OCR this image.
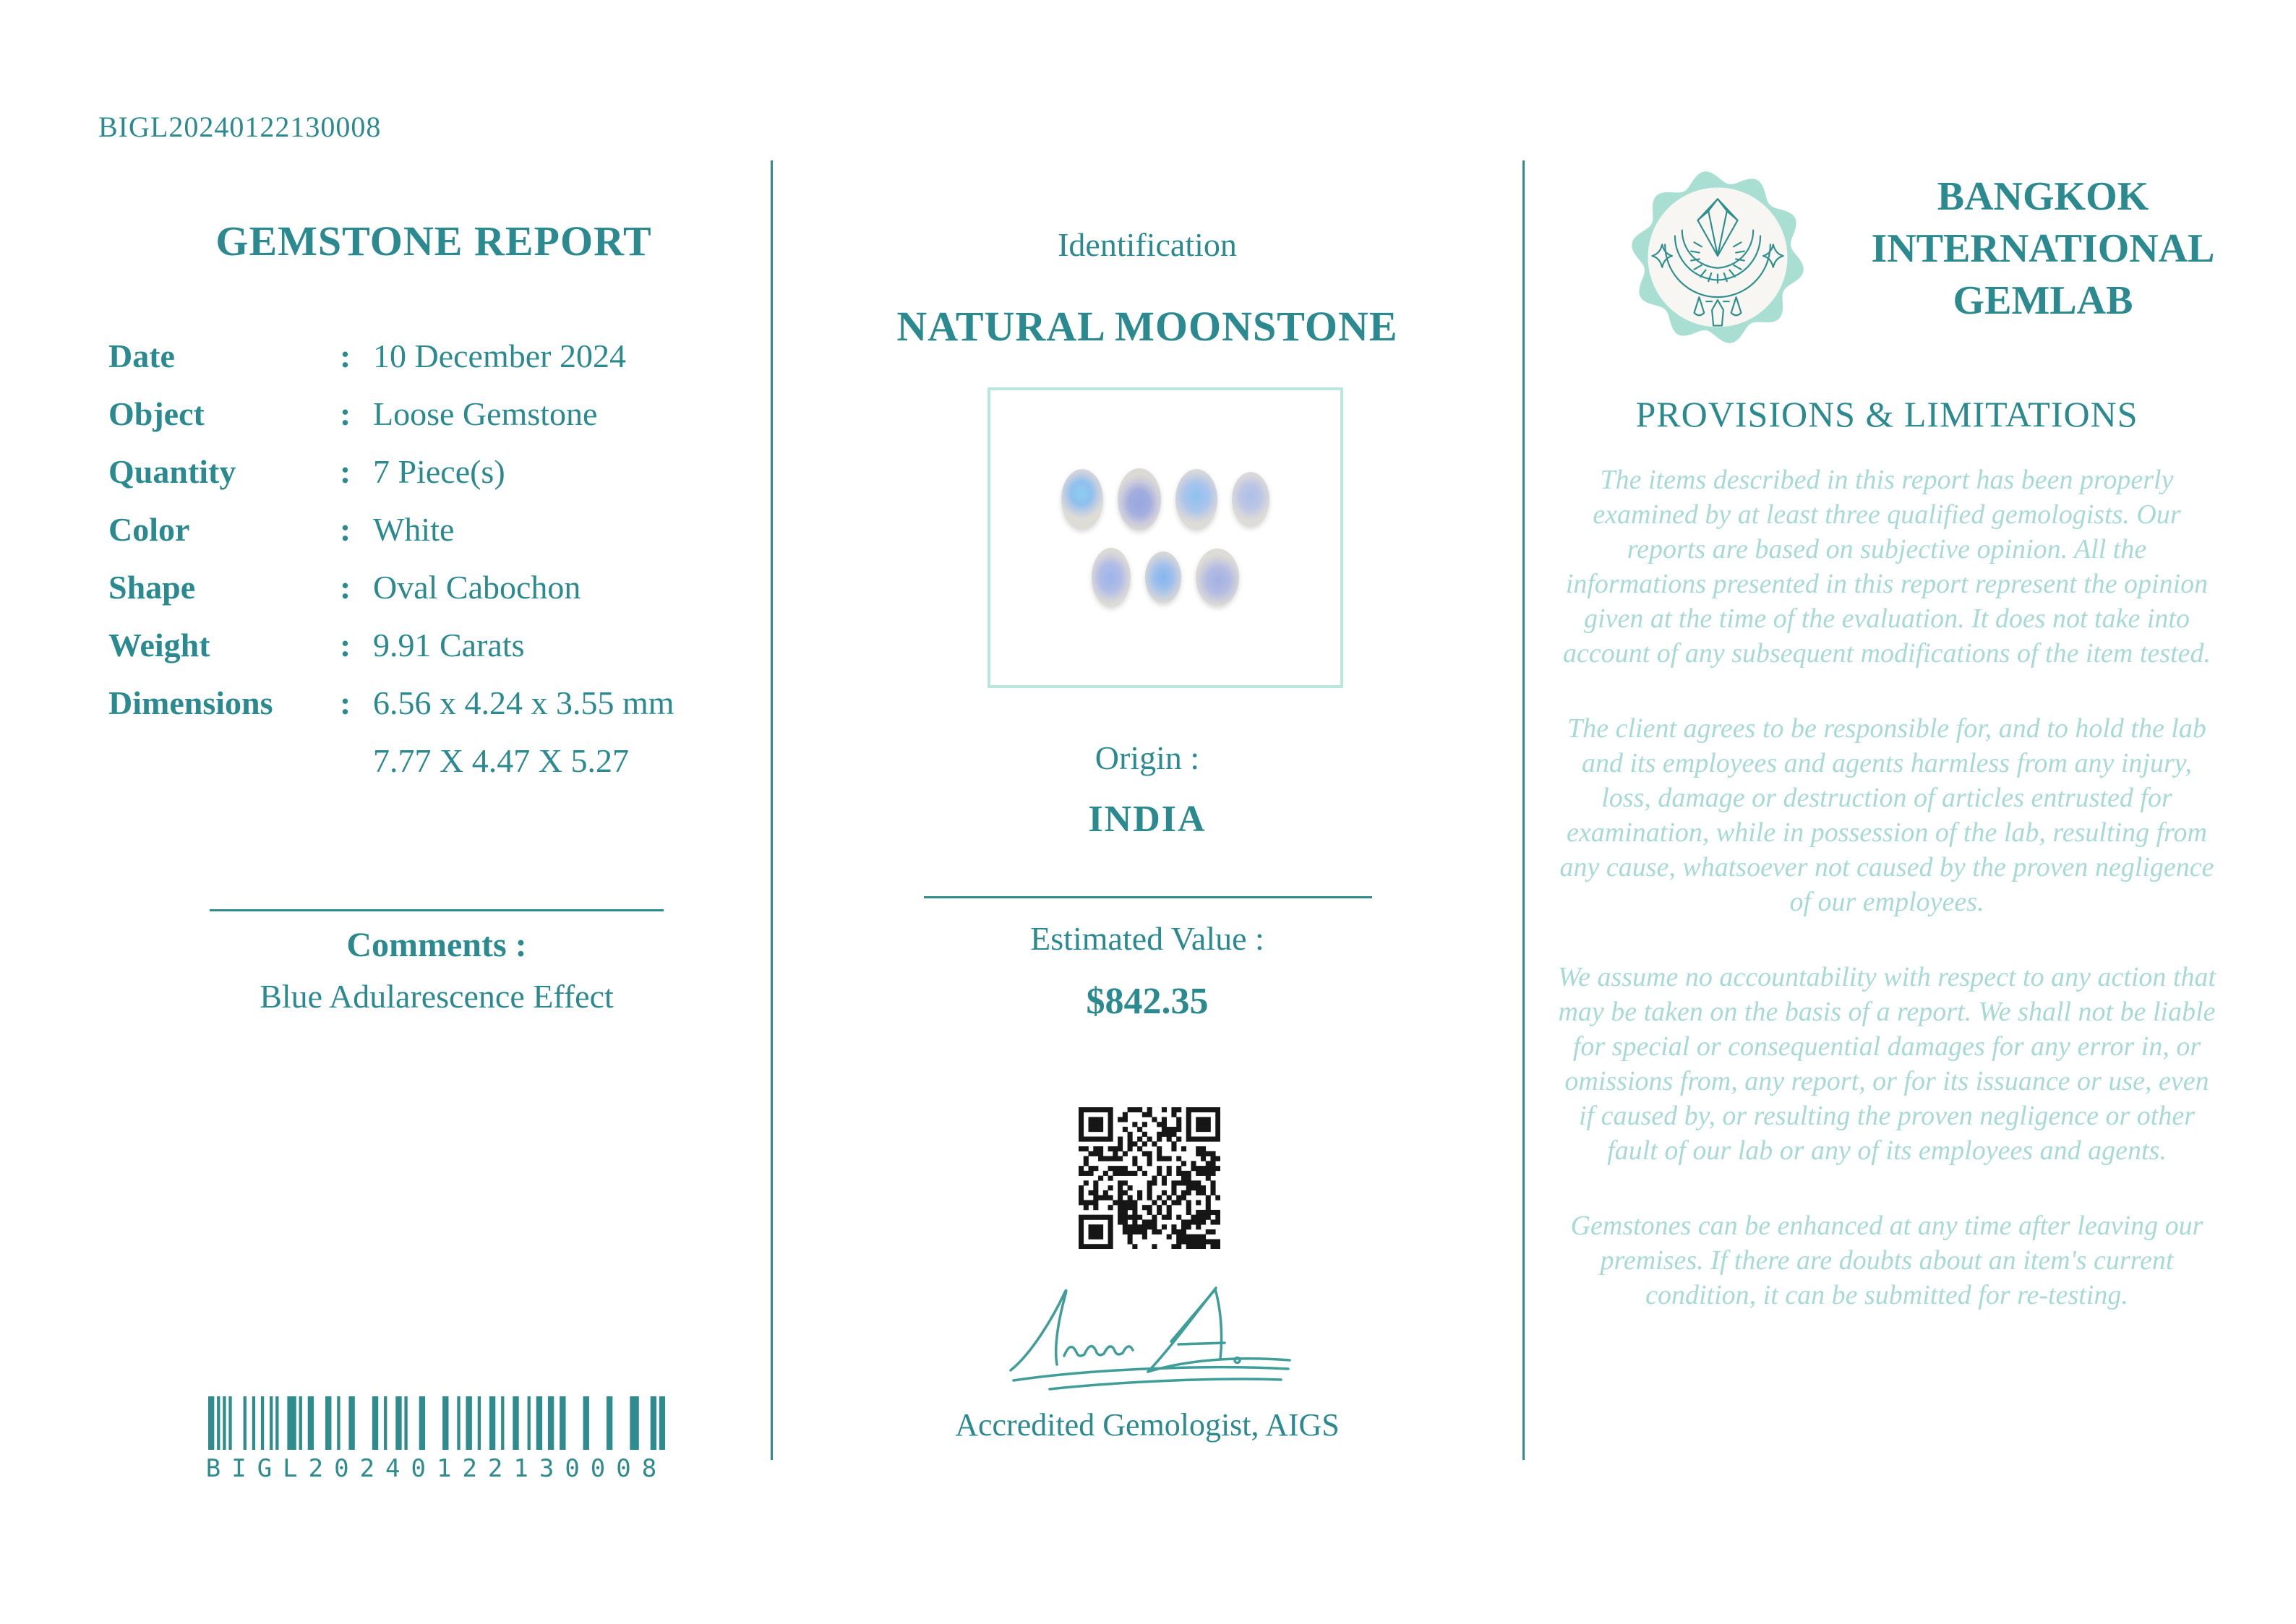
BIGL20240122130008
GEMSTONE REPORT
Date	: 10 December 2024
Object	: Loose Gemstone
Quantity	: 7 Piece(s)
Color	: White
Shape	: Oval Cabochon
Weight	: 9.91 Carats
Dimensions	: 6.56 x 4.24 x 3.55 mm
7.77 X 4.47 X 5.27
Comments :
Blue Adularescence Effect
BIGL20240122130008
Identification
NATURAL MOONSTONE
Origin :
INDIA
Estimated Value :
$842.35
Accredited Gemologist, AIGS
BANGKOK
INTERNATIONAL
GEMLAB
PROVISIONS & LIMITATIONS

The items described in this report has been properly examined by at least three qualified gemologists. Our reports are based on subjective opinion. All the informations presented in this report represent the opinion given at the time of the evaluation. It does not take into account of any subsequent modifications of the item tested.

The client agrees to be responsible for, and to hold the lab and its employees and agents harmless from any injury, loss, damage or destruction of articles entrusted for examination, while in possession of the lab, resulting from any cause, whatsoever not caused by the proven negligence of our employees.

We assume no accountability with respect to any action that may be taken on the basis of a report. We shall not be liable for special or consequential damages for any error in, or omissions from, any report, or for its issuance or use, even if caused by, or resulting the proven negligence or other fault of our lab or any of its employees and agents.

Gemstones can be enhanced at any time after leaving our premises. If there are doubts about an item's current condition, it can be submitted for re-testing.
